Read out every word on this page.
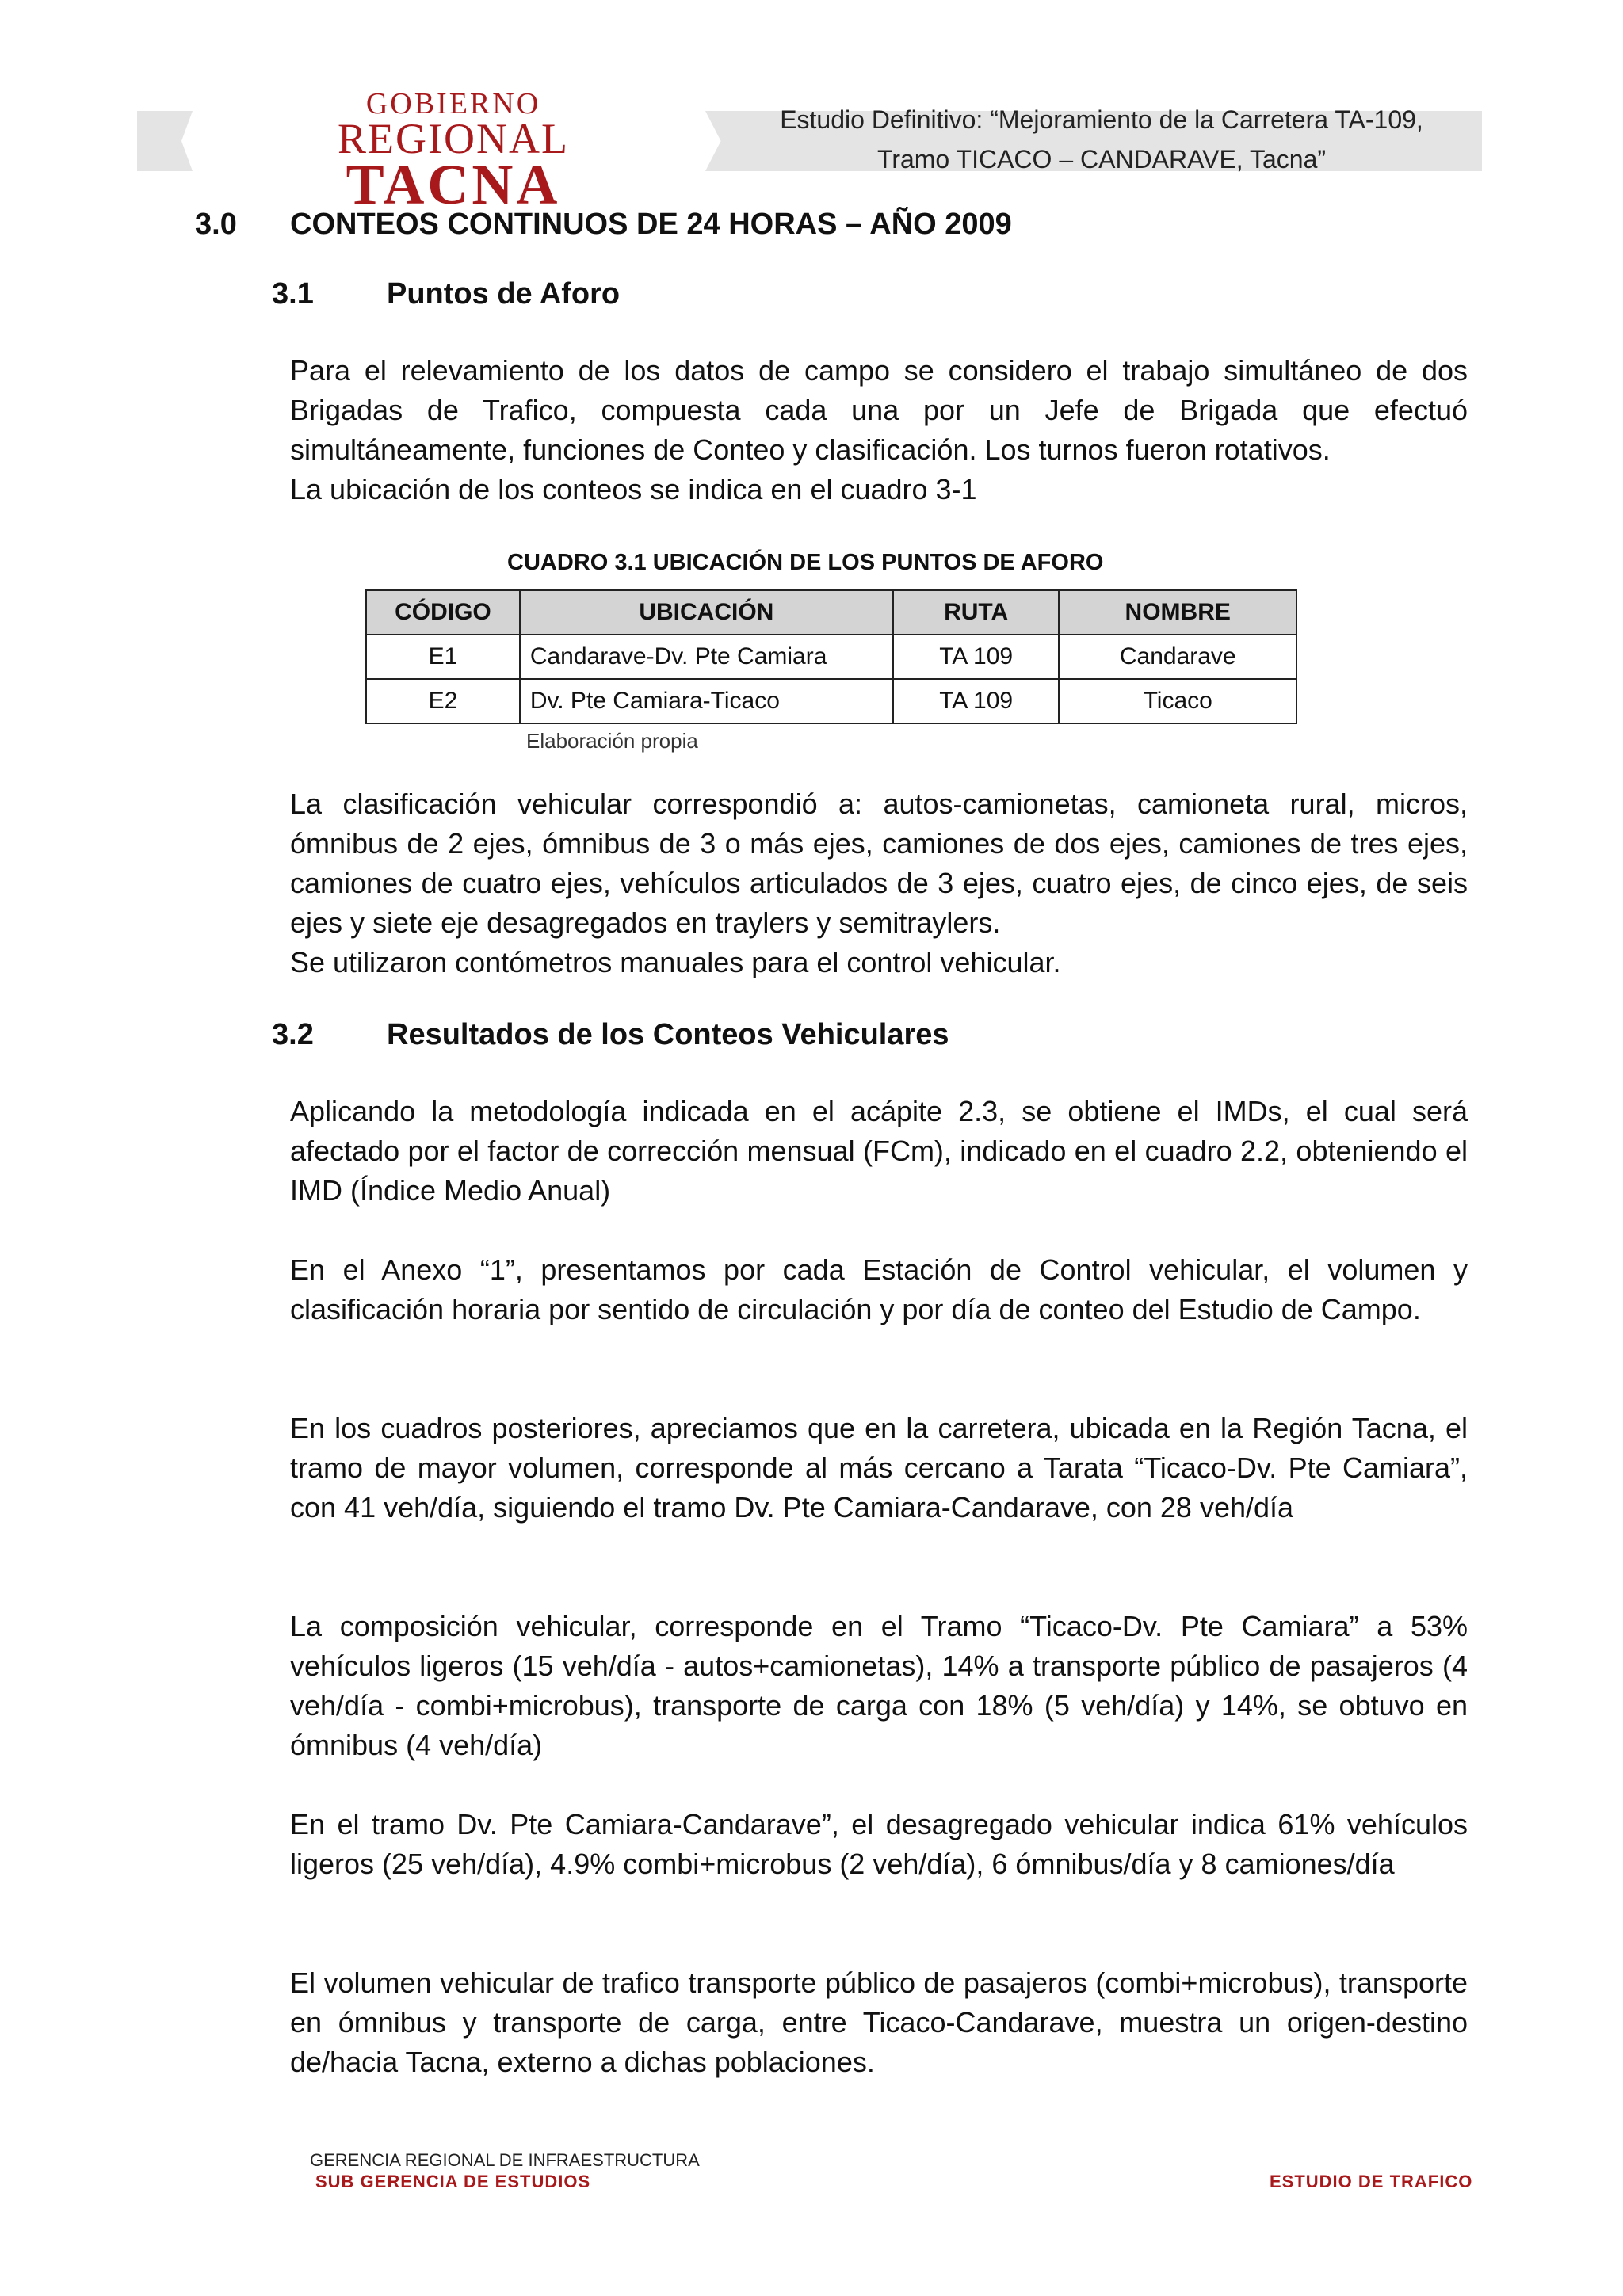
GOBIERNO
REGIONAL
TACNA
Estudio Definitivo: “Mejoramiento de la Carretera TA-109,
Tramo TICACO – CANDARAVE, Tacna”
3.0 CONTEOS CONTINUOS DE 24 HORAS – AÑO 2009
3.1 Puntos de Aforo

Para el relevamiento de los datos de campo se considero el trabajo simultáneo de dos Brigadas de Trafico, compuesta cada una por un Jefe de Brigada que efectuó simultáneamente, funciones de Conteo y clasificación. Los turnos fueron rotativos.

La ubicación de los conteos se indica en el cuadro 3-1

CUADRO 3.1 UBICACIÓN DE LOS PUNTOS DE AFORO
CÓDIGO	UBICACIÓN	RUTA	NOMBRE
E1	Candarave-Dv. Pte Camiara	TA 109	Candarave
E2	Dv. Pte Camiara-Ticaco	TA 109	Ticaco
Elaboración propia

La clasificación vehicular correspondió a: autos-camionetas, camioneta rural, micros, ómnibus de 2 ejes, ómnibus de 3 o más ejes, camiones de dos ejes, camiones de tres ejes, camiones de cuatro ejes, vehículos articulados de 3 ejes, cuatro ejes, de cinco ejes, de seis ejes y siete eje desagregados en traylers y semitraylers.

Se utilizaron contómetros manuales para el control vehicular.

3.2 Resultados de los Conteos Vehiculares

Aplicando la metodología indicada en el acápite 2.3, se obtiene el IMDs, el cual será afectado por el factor de corrección mensual (FCm), indicado en el cuadro 2.2, obteniendo el IMD (Índice Medio Anual)

En el Anexo “1”, presentamos por cada Estación de Control vehicular, el volumen y clasificación horaria por sentido de circulación y por día de conteo del Estudio de Campo.

En los cuadros posteriores, apreciamos que en la carretera, ubicada en la Región Tacna, el tramo de mayor volumen, corresponde al más cercano a Tarata “Ticaco-Dv. Pte Camiara”, con 41 veh/día, siguiendo el tramo Dv. Pte Camiara-Candarave, con 28 veh/día

La composición vehicular, corresponde en el Tramo “Ticaco-Dv. Pte Camiara” a 53% vehículos ligeros (15 veh/día - autos+camionetas), 14% a transporte público de pasajeros (4 veh/día - combi+microbus), transporte de carga con 18% (5 veh/día) y 14%, se obtuvo en ómnibus (4 veh/día)

En el tramo Dv. Pte Camiara-Candarave”, el desagregado vehicular indica 61% vehículos ligeros (25 veh/día), 4.9% combi+microbus (2 veh/día), 6 ómnibus/día y 8 camiones/día

El volumen vehicular de trafico transporte público de pasajeros (combi+microbus), transporte en ómnibus y transporte de carga, entre Ticaco-Candarave, muestra un origen-destino de/hacia Tacna, externo a dichas poblaciones.

GERENCIA REGIONAL DE INFRAESTRUCTURA
SUB GERENCIA DE ESTUDIOS	ESTUDIO DE TRAFICO
